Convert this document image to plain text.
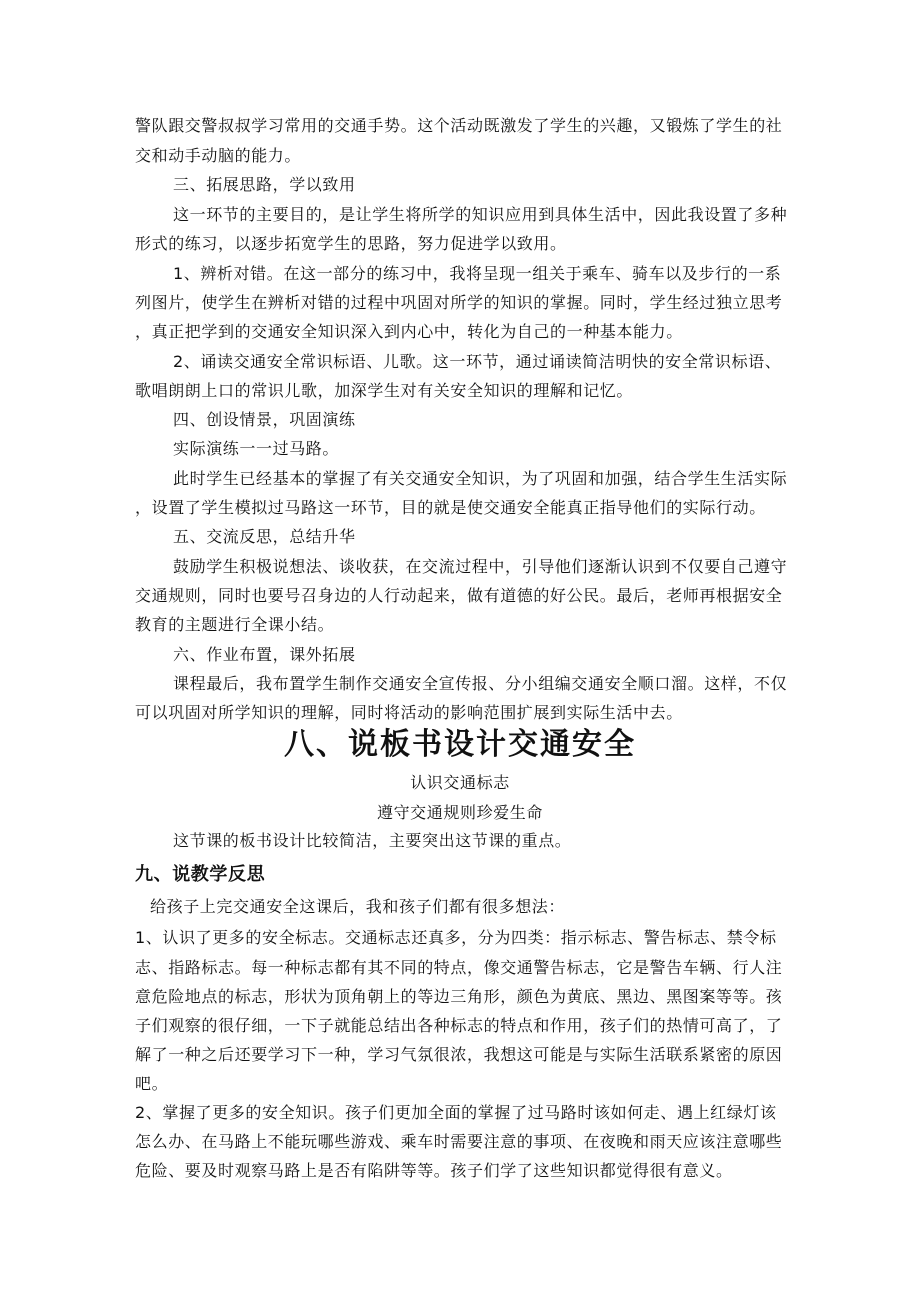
警队跟交警叔叔学习常用的交通手势。这个活动既激发了学生的兴趣，又锻炼了学生的社

交和动手动脑的能力。

三、拓展思路，学以致用

这一环节的主要目的，是让学生将所学的知识应用到具体生活中，因此我设置了多种

形式的练习，以逐步拓宽学生的思路，努力促进学以致用。

1、辨析对错。在这一部分的练习中，我将呈现一组关于乘车、骑车以及步行的一系

列图片，使学生在辨析对错的过程中巩固对所学的知识的掌握。同时，学生经过独立思考

，真正把学到的交通安全知识深入到内心中，转化为自己的一种基本能力。

2、诵读交通安全常识标语、儿歌。这一环节，通过诵读简洁明快的安全常识标语、

歌唱朗朗上口的常识儿歌，加深学生对有关安全知识的理解和记忆。

四、创设情景，巩固演练

实际演练一一过马路。

此时学生已经基本的掌握了有关交通安全知识，为了巩固和加强，结合学生生活实际

，设置了学生模拟过马路这一环节，目的就是使交通安全能真正指导他们的实际行动。

五、交流反思，总结升华

鼓励学生积极说想法、谈收获，在交流过程中，引导他们逐渐认识到不仅要自己遵守

交通规则，同时也要号召身边的人行动起来，做有道德的好公民。最后，老师再根据安全

教育的主题进行全课小结。

六、作业布置，课外拓展

课程最后，我布置学生制作交通安全宣传报、分小组编交通安全顺口溜。这样，不仅

可以巩固对所学知识的理解，同时将活动的影响范围扩展到实际生活中去。

八、说板书设计交通安全

认识交通标志

遵守交通规则珍爱生命

这节课的板书设计比较简洁，主要突出这节课的重点。

九、说教学反思

给孩子上完交通安全这课后，我和孩子们都有很多想法：

1、认识了更多的安全标志。交通标志还真多，分为四类：指示标志、警告标志、禁令标

志、指路标志。每一种标志都有其不同的特点，像交通警告标志，它是警告车辆、行人注

意危险地点的标志，形状为顶角朝上的等边三角形，颜色为黄底、黑边、黑图案等等。孩

子们观察的很仔细，一下子就能总结出各种标志的特点和作用，孩子们的热情可高了，了

解了一种之后还要学习下一种，学习气氛很浓，我想这可能是与实际生活联系紧密的原因

吧。

2、掌握了更多的安全知识。孩子们更加全面的掌握了过马路时该如何走、遇上红绿灯该

怎么办、在马路上不能玩哪些游戏、乘车时需要注意的事项、在夜晚和雨天应该注意哪些

危险、要及时观察马路上是否有陷阱等等。孩子们学了这些知识都觉得很有意义。
